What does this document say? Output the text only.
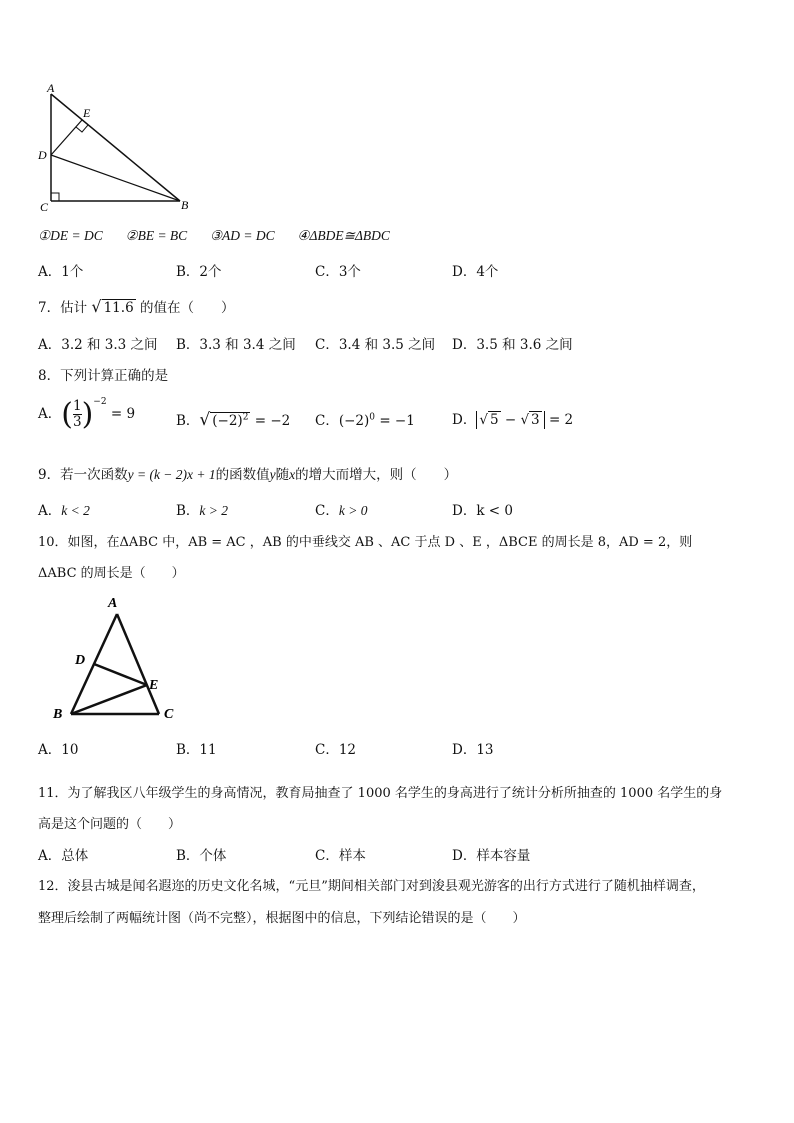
A
E
D
C	B
①DE = DC ②BE = BC ③AD = DC ④ΔBDE≅ΔBDC
A．1个	B．2个	C．3个	D．4个
7．估计 √ 11.6 的值在（　　）
A．3.2 和 3.3 之间 B．3.3 和 3.4 之间 C．3.4 和 3.5 之间 D．3.5 和 3.6 之间
8．下列计算正确的是
A．( $\frac{1}{3} )^{-2} = 9$	B．√ $(-2)^2 = -2$ C．$(-2)^0 = -1$	D． √ 5 − √ 3 = 2
9．若一次函数y = (k − 2)x + 1的函数值y随x的增大而增大，则（　　）
A．k < 2	B．k > 2	C．k > 0	D．k < 0
10．如图，在ΔABC 中，AB = AC ，AB 的中垂线交 AB 、AC 于点 D 、E ，ΔBCE 的周长是 8，AD = 2，则
ΔABC 的周长是（　　）
A
D
E
B	C
A．10	B．11	C．12	D．13
11．为了解我区八年级学生的身高情况，教育局抽查了 1000 名学生的身高进行了统计分析所抽查的 1000 名学生的身
高是这个问题的（　　）
A．总体	B．个体	C．样本	D．样本容量
12．浚县古城是闻名遐迩的历史文化名城，“元旦”期间相关部门对到浚县观光游客的出行方式进行了随机抽样调查，
整理后绘制了两幅统计图（尚不完整），根据图中的信息，下列结论错误的是（　　）
